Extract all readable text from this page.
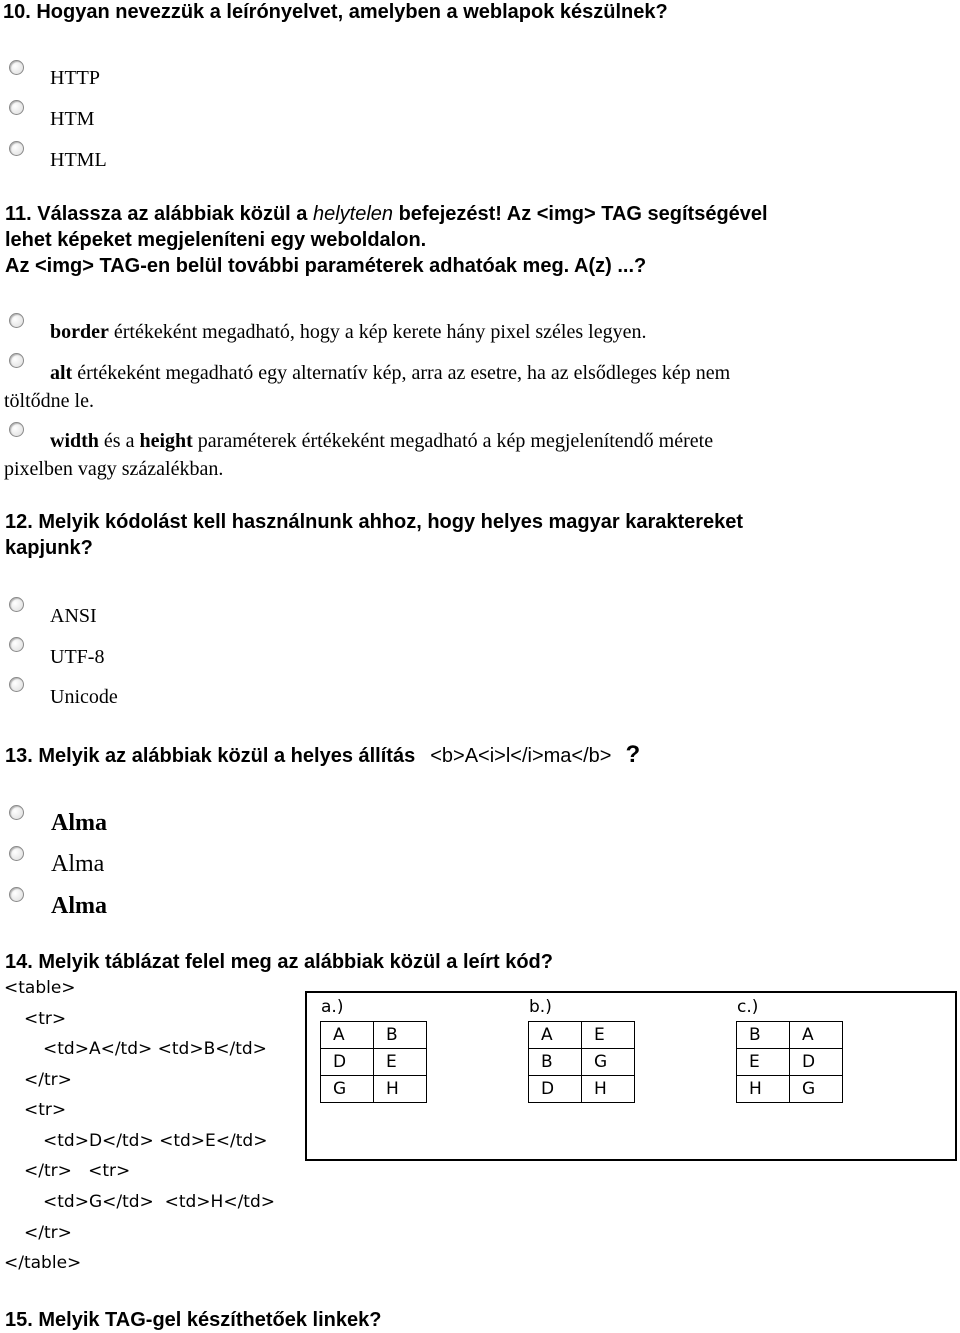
10. Hogyan nevezzük a leírónyelvet, amelyben a weblapok készülnek?
HTTP
HTM
HTML
11. Válassza az alábbiak közül a helytelen befejezést! Az <img> TAG segítségével
lehet képeket megjeleníteni egy weboldalon.
Az <img> TAG-en belül további paraméterek adhatóak meg. A(z) ...?
border értékeként megadható, hogy a kép kerete hány pixel széles legyen.
alt értékeként megadható egy alternatív kép, arra az esetre, ha az elsődleges kép nem
töltődne le.
width és a height paraméterek értékeként megadható a kép megjelenítendő mérete
pixelben vagy százalékban.
12. Melyik kódolást kell használnunk ahhoz, hogy helyes magyar karaktereket
kapjunk?
ANSI
UTF-8
Unicode
13. Melyik az alábbiak közül a helyes állítás <b>A<i>l</i>ma</b> ?
Alma
Alma
Alma
14. Melyik táblázat felel meg az alábbiak közül a leírt kód?
<table>
<tr>
<td>A</td> <td>B</td>
</tr>
<tr>
<td>D</td> <td>E</td>
</tr>   <tr>
<td>G</td>  <td>H</td>
</tr>
</table>
a.)
A	B
D	E
G	H
b.)
A	E
B	G
D	H
c.)
B	A
E	D
H	G
15. Melyik TAG-gel készíthetőek linkek?
